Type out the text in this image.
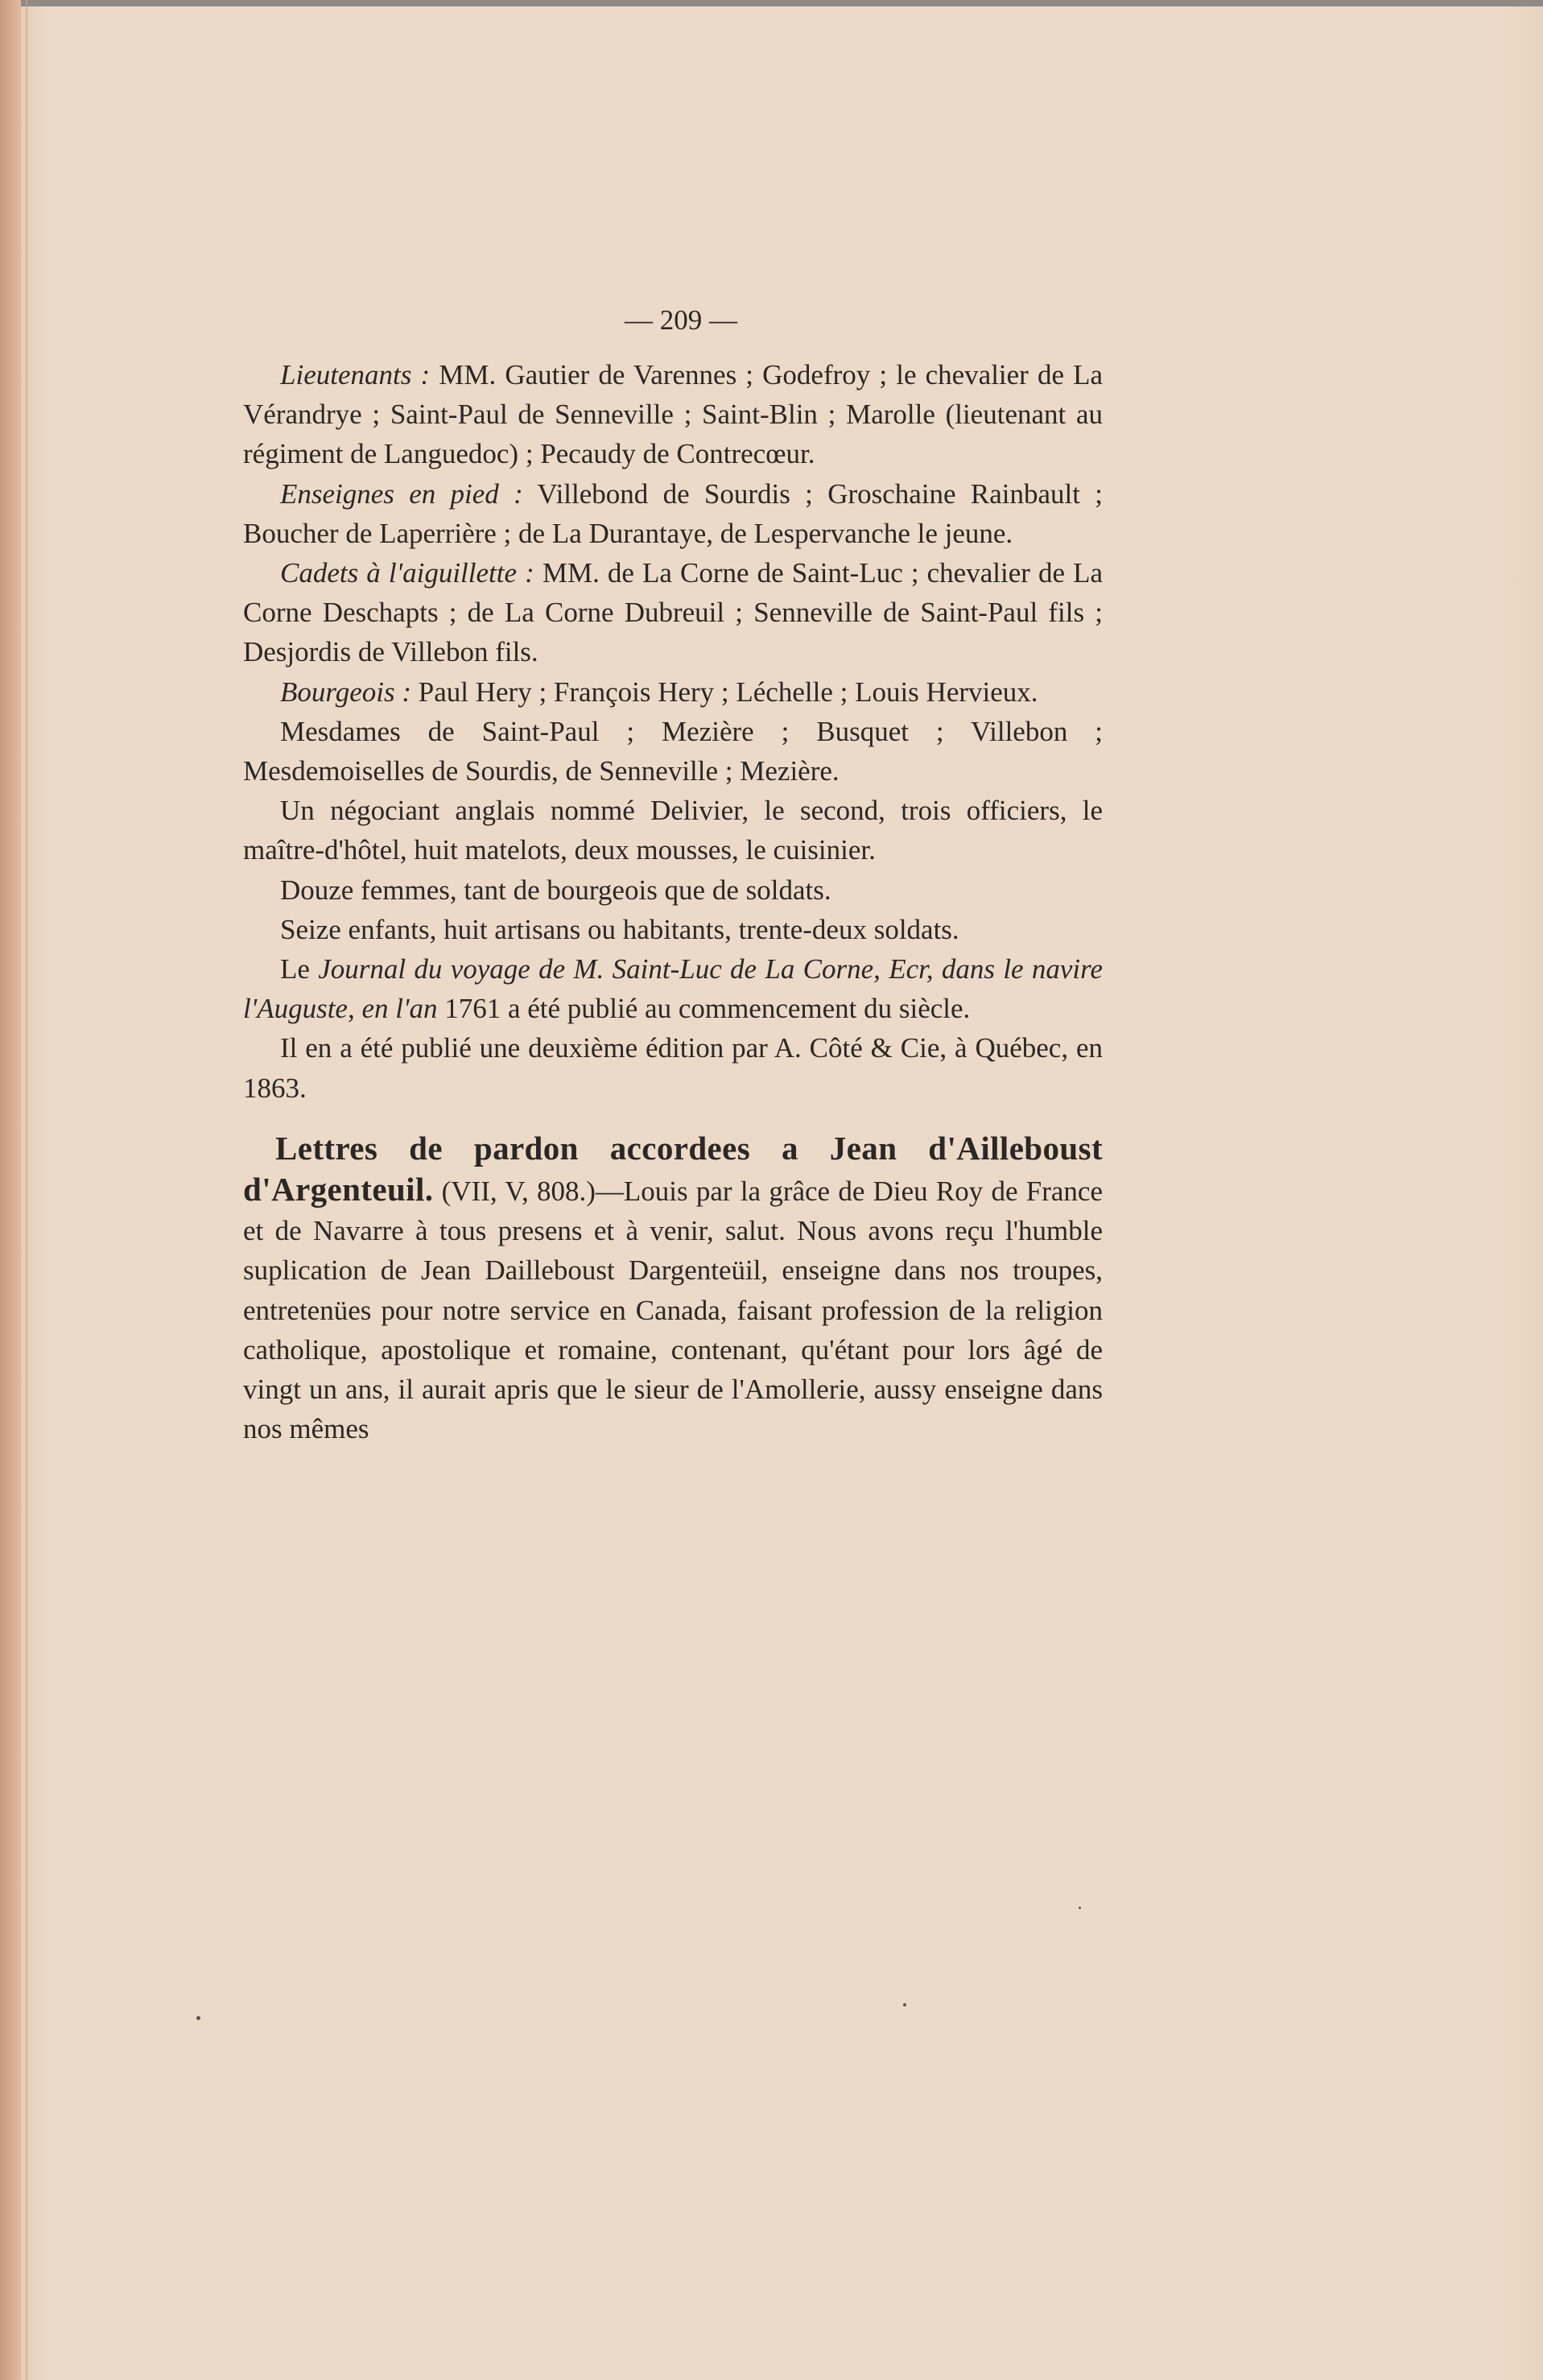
— 209 —

Lieutenants : MM. Gautier de Varennes ; Godefroy ; le chevalier de La Vérandrye ; Saint-Paul de Senneville ; Saint-Blin ; Marolle (lieutenant au régiment de Languedoc) ; Pecaudy de Contrecœur.

Enseignes en pied : Villebond de Sourdis ; Groschaine Rainbault ; Boucher de Laperrière ; de La Durantaye, de Lespervanche le jeune.

Cadets à l'aiguillette : MM. de La Corne de Saint-Luc ; chevalier de La Corne Deschapts ; de La Corne Dubreuil ; Senneville de Saint-Paul fils ; Desjordis de Villebon fils.

Bourgeois : Paul Hery ; François Hery ; Léchelle ; Louis Hervieux.

Mesdames de Saint-Paul ; Mezière ; Busquet ; Villebon ; Mesdemoiselles de Sourdis, de Senneville ; Mezière.

Un négociant anglais nommé Delivier, le second, trois officiers, le maître-d'hôtel, huit matelots, deux mousses, le cuisinier.

Douze femmes, tant de bourgeois que de soldats.

Seize enfants, huit artisans ou habitants, trente-deux soldats.

Le Journal du voyage de M. Saint-Luc de La Corne, Ecr, dans le navire l'Auguste, en l'an 1761 a été publié au commencement du siècle.

Il en a été publié une deuxième édition par A. Côté & Cie, à Québec, en 1863.

Lettres de pardon accordees a Jean d'Ailleboust d'Argenteuil. (VII, V, 808.)—Louis par la grâce de Dieu Roy de France et de Navarre à tous presens et à venir, salut. Nous avons reçu l'humble suplication de Jean Dailleboust Dargenteüil, enseigne dans nos troupes, entretenües pour notre service en Canada, faisant profession de la religion catholique, apostolique et romaine, contenant, qu'étant pour lors âgé de vingt un ans, il aurait apris que le sieur de l'Amollerie, aussy enseigne dans nos mêmes
